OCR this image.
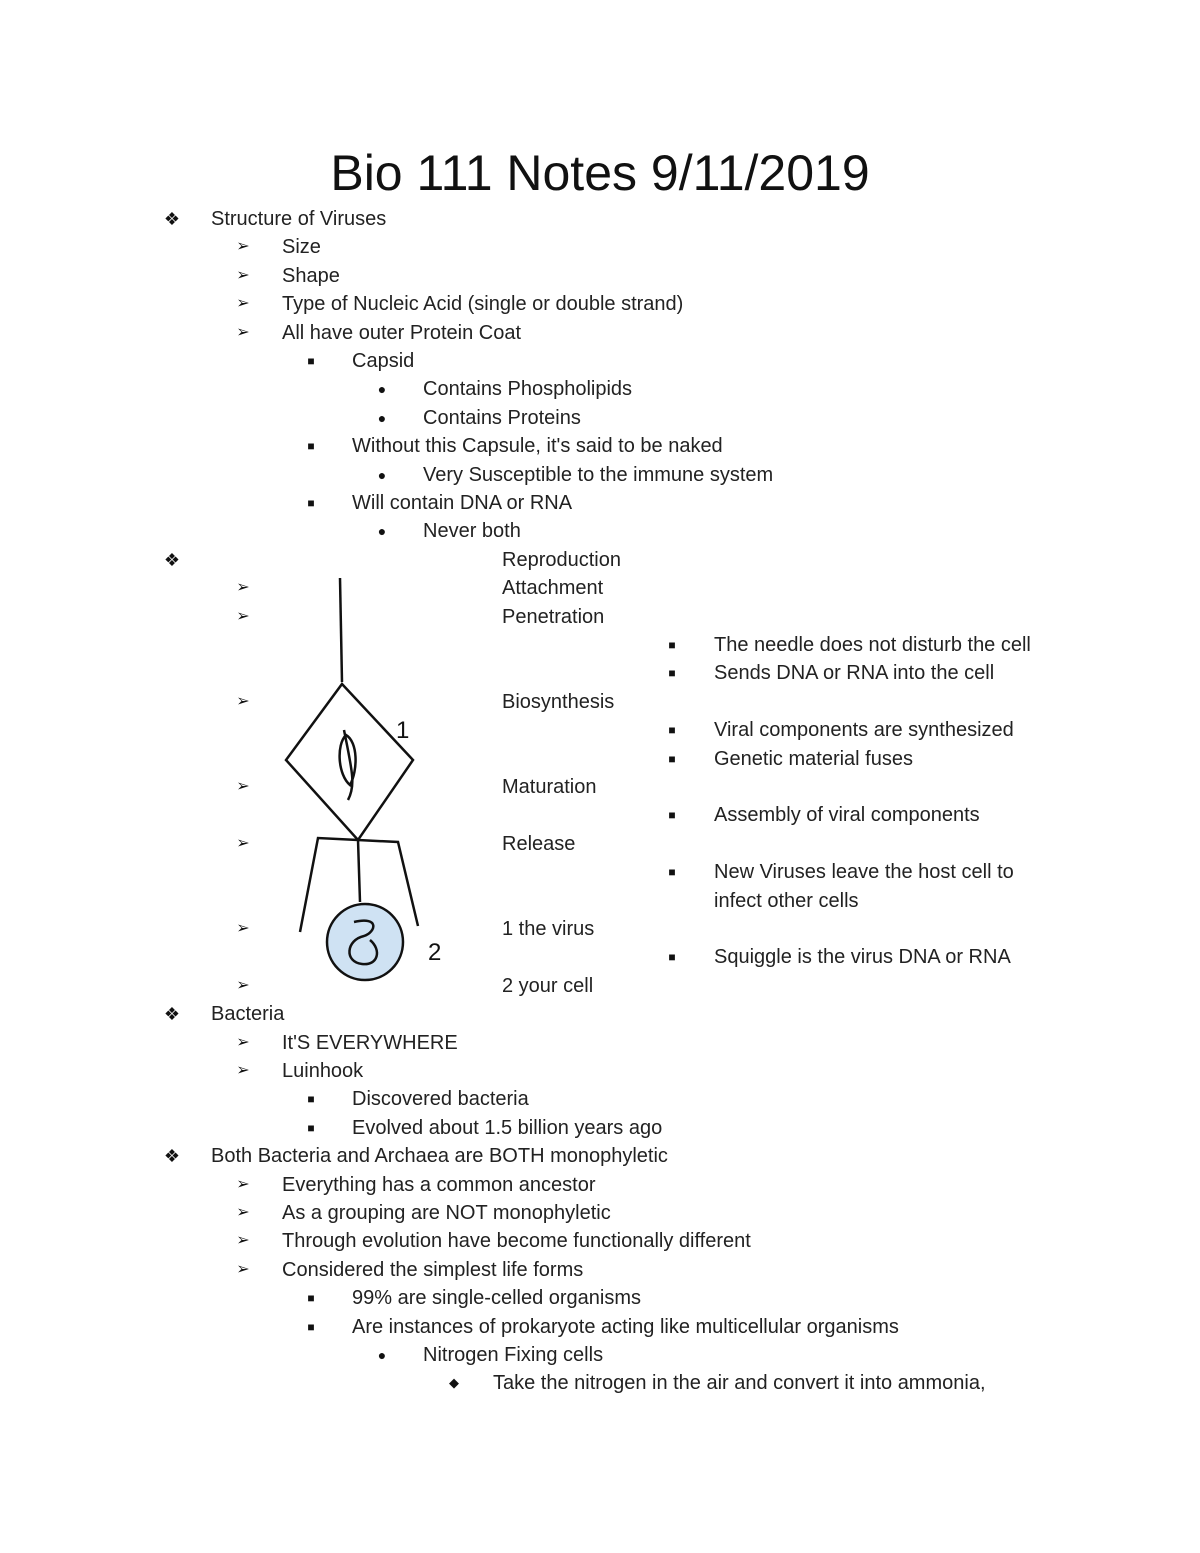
Bio 111 Notes 9/11/2019
❖ Structure of Viruses
➢	Size
➢	Shape
➢	Type of Nucleic Acid (single or double strand)
➢	All have outer Protein Coat
■	Capsid
●	Contains Phospholipids
●	Contains Proteins
■	Without this Capsule, it's said to be naked
●	Very Susceptible to the immune system
■	Will contain DNA or RNA
●	Never both
❖	Reproduction
➢	Attachment
➢	Penetration
■	The needle does not disturb the cell
■	Sends DNA or RNA into the cell
➢	Biosynthesis
■	Viral components are synthesized
■	Genetic material fuses
➢	Maturation
■	Assembly of viral components
➢	Release
■	New Viruses leave the host cell to
infect other cells
➢	1 the virus
■	Squiggle is the virus DNA or RNA
➢	2 your cell
❖ Bacteria
➢	It'S EVERYWHERE
➢	Luinhook
■	Discovered bacteria
■	Evolved about 1.5 billion years ago
❖ Both Bacteria and Archaea are BOTH monophyletic
➢	Everything has a common ancestor
➢	As a grouping are NOT monophyletic
➢	Through evolution have become functionally different
➢	Considered the simplest life forms
■	99% are single-celled organisms
■	Are instances of prokaryote acting like multicellular organisms
●	Nitrogen Fixing cells
◆	Take the nitrogen in the air and convert it into ammonia,
1
2
